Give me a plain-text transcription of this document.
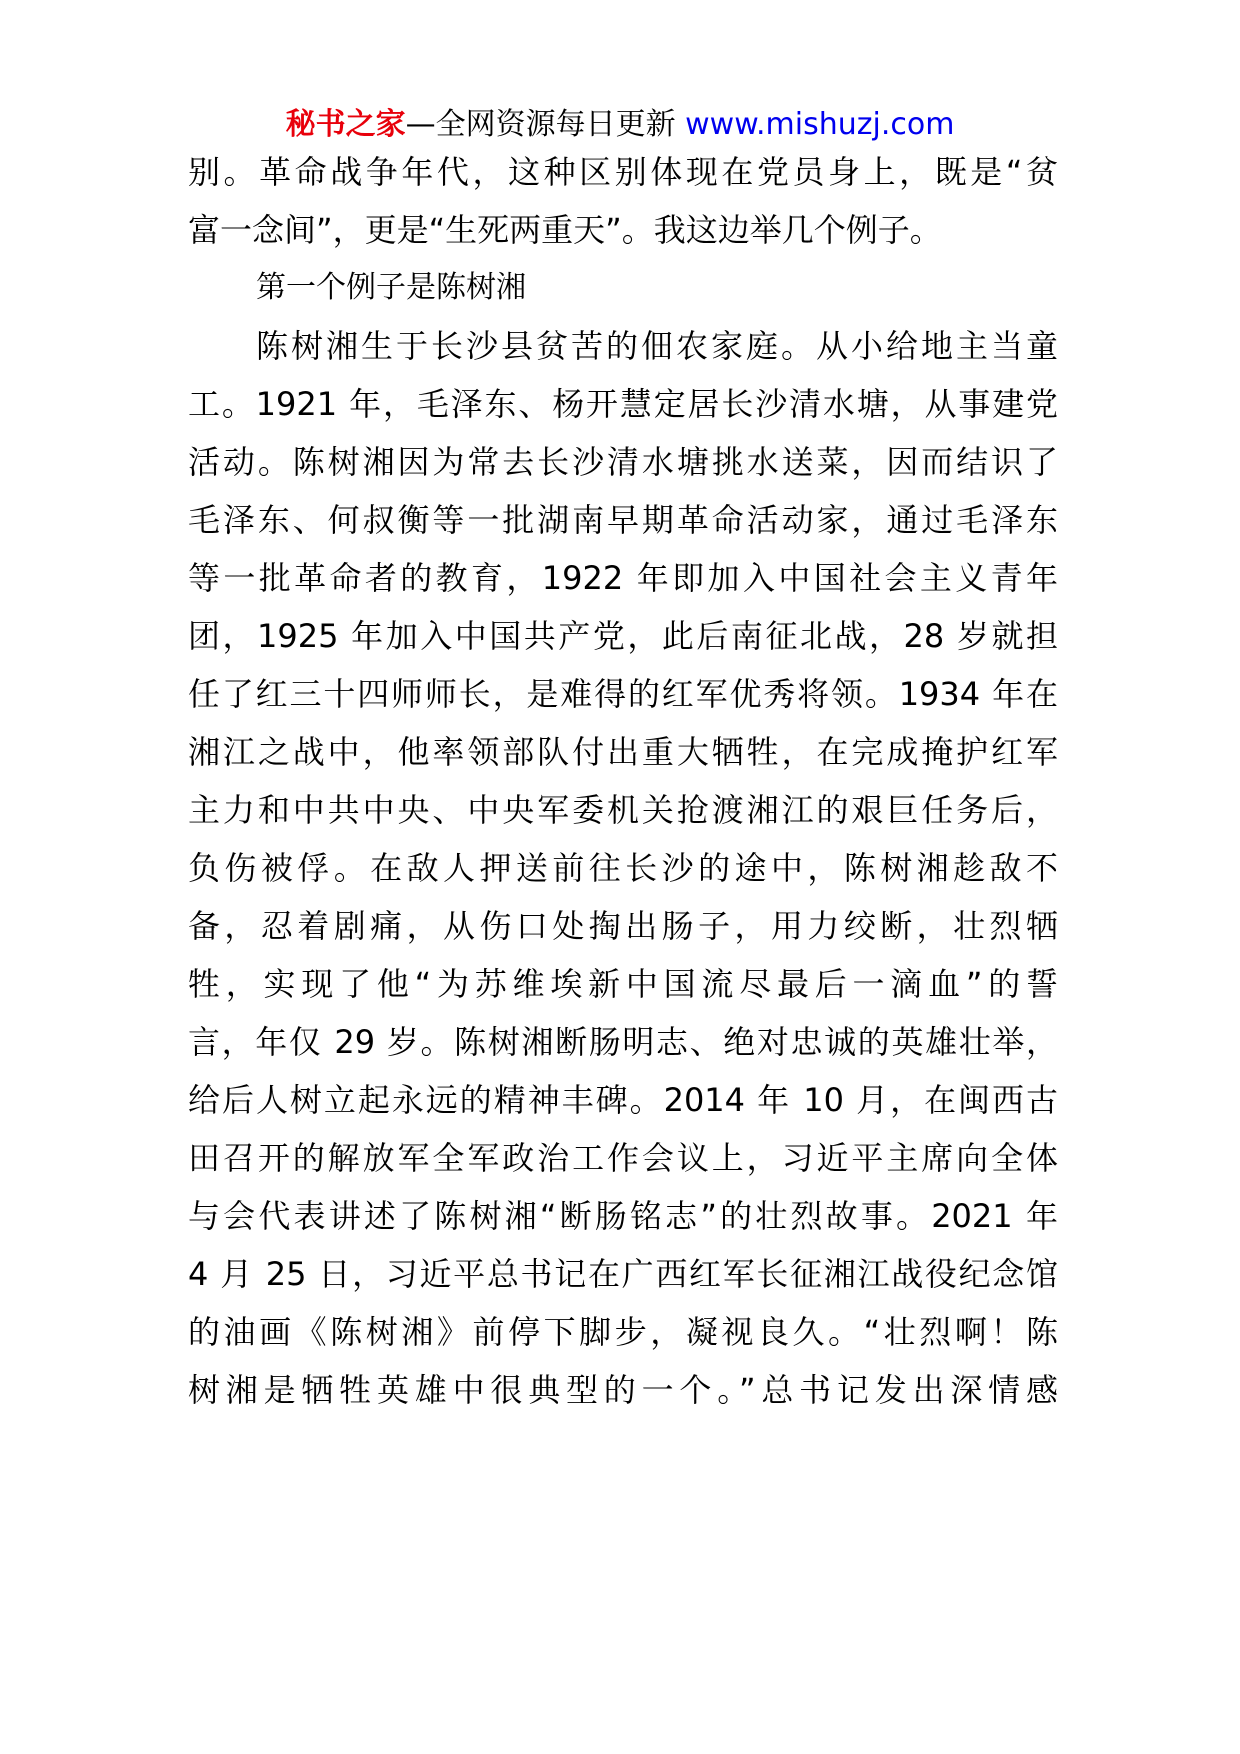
秘书之家—全网资源每日更新 www.mishuzj.com
别。革命战争年代，这种区别体现在党员身上，既是“贫
富一念间”，更是“生死两重天”。我这边举几个例子。
第一个例子是陈树湘
陈树湘生于长沙县贫苦的佃农家庭。从小给地主当童
工。1921 年，毛泽东、杨开慧定居长沙清水塘，从事建党
活动。陈树湘因为常去长沙清水塘挑水送菜，因而结识了
毛泽东、何叔衡等一批湖南早期革命活动家，通过毛泽东
等一批革命者的教育，1922 年即加入中国社会主义青年
团，1925 年加入中国共产党，此后南征北战，28 岁就担
任了红三十四师师长，是难得的红军优秀将领。1934 年在
湘江之战中，他率领部队付出重大牺牲，在完成掩护红军
主力和中共中央、中央军委机关抢渡湘江的艰巨任务后，
负伤被俘。在敌人押送前往长沙的途中，陈树湘趁敌不
备，忍着剧痛，从伤口处掏出肠子，用力绞断，壮烈牺
牲，实现了他“为苏维埃新中国流尽最后一滴血”的誓
言，年仅 29 岁。陈树湘断肠明志、绝对忠诚的英雄壮举，
给后人树立起永远的精神丰碑。2014 年 10 月，在闽西古
田召开的解放军全军政治工作会议上，习近平主席向全体
与会代表讲述了陈树湘“断肠铭志”的壮烈故事。2021 年
4 月 25 日，习近平总书记在广西红军长征湘江战役纪念馆
的油画《陈树湘》前停下脚步，凝视良久。“壮烈啊！陈
树湘是牺牲英雄中很典型的一个。”总书记发出深情感
